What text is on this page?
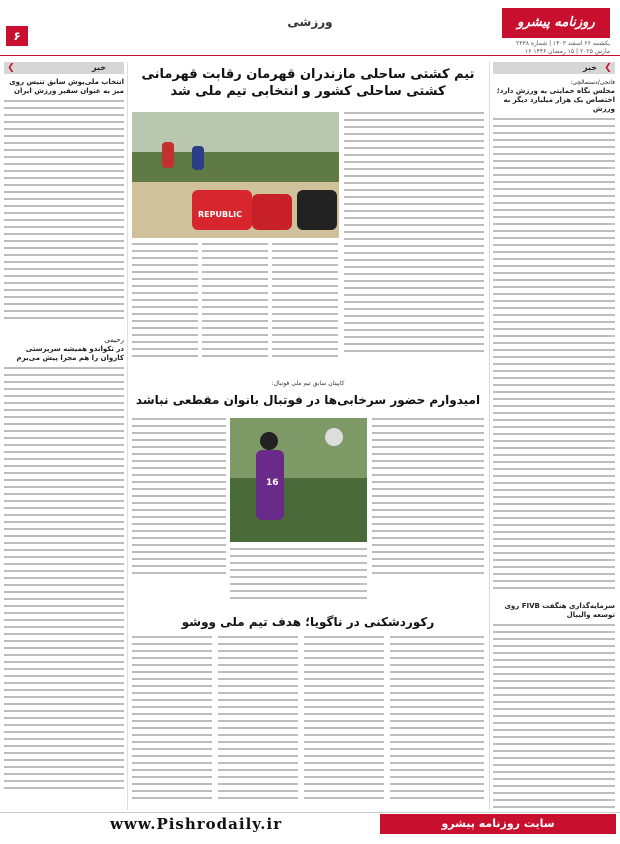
۶
ورزشی	روزنامه پیشرو
یکشنبه ۲۶ اسفند ۱۴۰۳ | شماره ۲۳۳۸
۱۶ مارس ۲۰۲۵ | ۱۵ رمضان ۱۴۴۶
خبر ❮
فاتحی/دستمالچی:
مجلس نگاه حمایتی به ورزش دارد؛ اختصاص یک هزار میلیارد دیگر به ورزش
سرمایه‌گذاری هنگفت FIVB روی توسعه والیبال
خبر
❮
انتخاب ملی‌پوش سابق تنیس روی میز به عنوان سفیر ورزش ایران
رحیمی
در تکواندو همیشه سرپرستی کاروان را هم مجرا پیش می‌برم
تیم کشتی ساحلی مازندران قهرمان رقابت قهرمانی
کشتی ساحلی کشور و انتخابی تیم ملی شد
REPUBLIC
کاپیتان سابق تیم ملی فوتبال:
امیدوارم حضور سرخابی‌ها در فوتبال بانوان مقطعی نباشد
16
رکوردشکنی در ناگویا؛ هدف تیم ملی ووشو
www.Pishrodaily.ir	سایت روزنامه پیشرو
